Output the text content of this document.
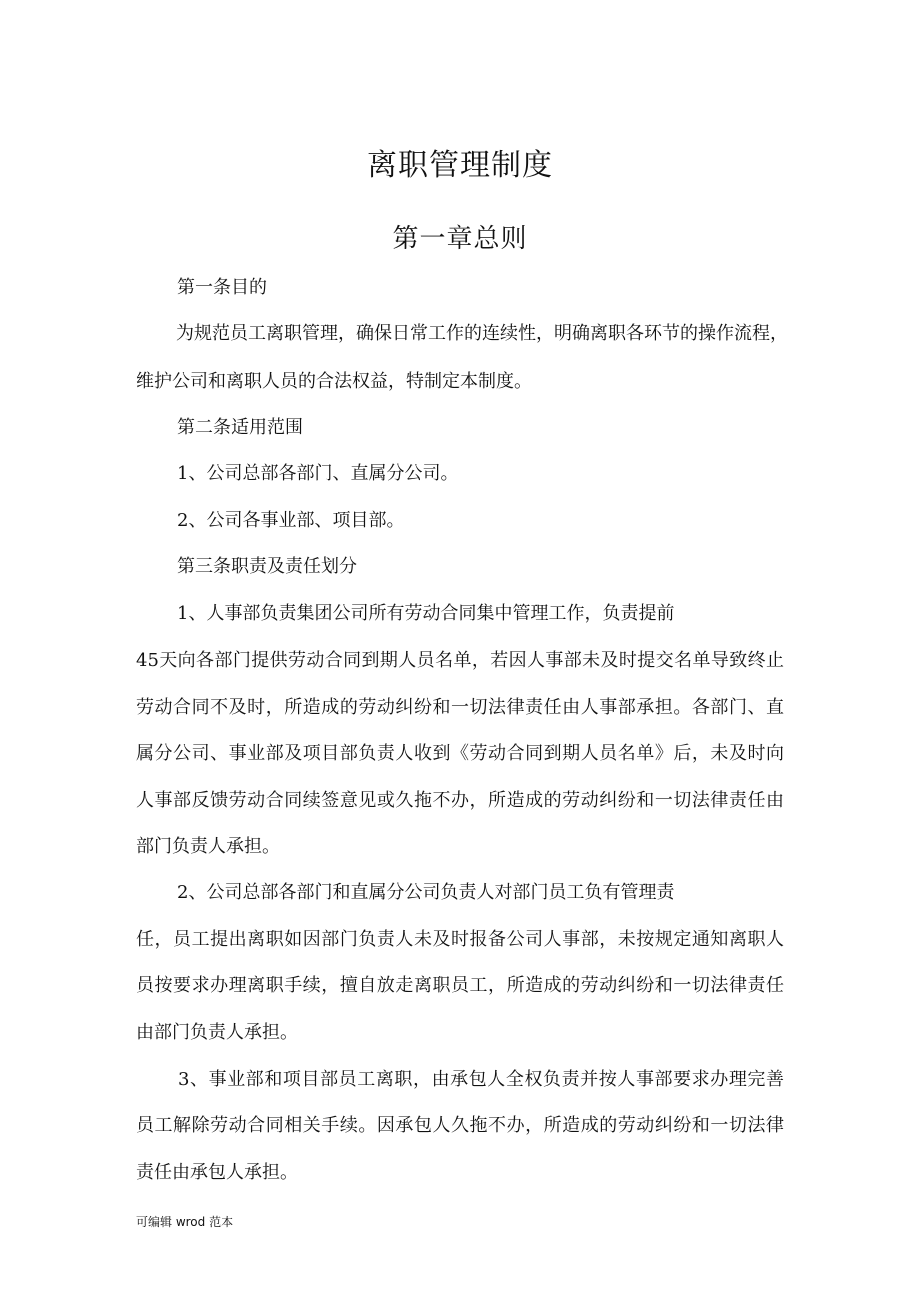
离职管理制度
第一章总则
第一条目的
为规范员工离职管理，确保日常工作的连续性，明确离职各环节的操作流程，
维护公司和离职人员的合法权益，特制定本制度。
第二条适用范围
1、公司总部各部门、直属分公司。
2、公司各事业部、项目部。
第三条职责及责任划分
1、人事部负责集团公司所有劳动合同集中管理工作，负责提前
45天向各部门提供劳动合同到期人员名单，若因人事部未及时提交名单导致终止
劳动合同不及时，所造成的劳动纠纷和一切法律责任由人事部承担。各部门、直
属分公司、事业部及项目部负责人收到《劳动合同到期人员名单》后，未及时向
人事部反馈劳动合同续签意见或久拖不办，所造成的劳动纠纷和一切法律责任由
部门负责人承担。
2、公司总部各部门和直属分公司负责人对部门员工负有管理责
任，员工提出离职如因部门负责人未及时报备公司人事部，未按规定通知离职人
员按要求办理离职手续，擅自放走离职员工，所造成的劳动纠纷和一切法律责任
由部门负责人承担。
3、事业部和项目部员工离职，由承包人全权负责并按人事部要求办理完善
员工解除劳动合同相关手续。因承包人久拖不办，所造成的劳动纠纷和一切法律
责任由承包人承担。
可编辑 wrod 范本
